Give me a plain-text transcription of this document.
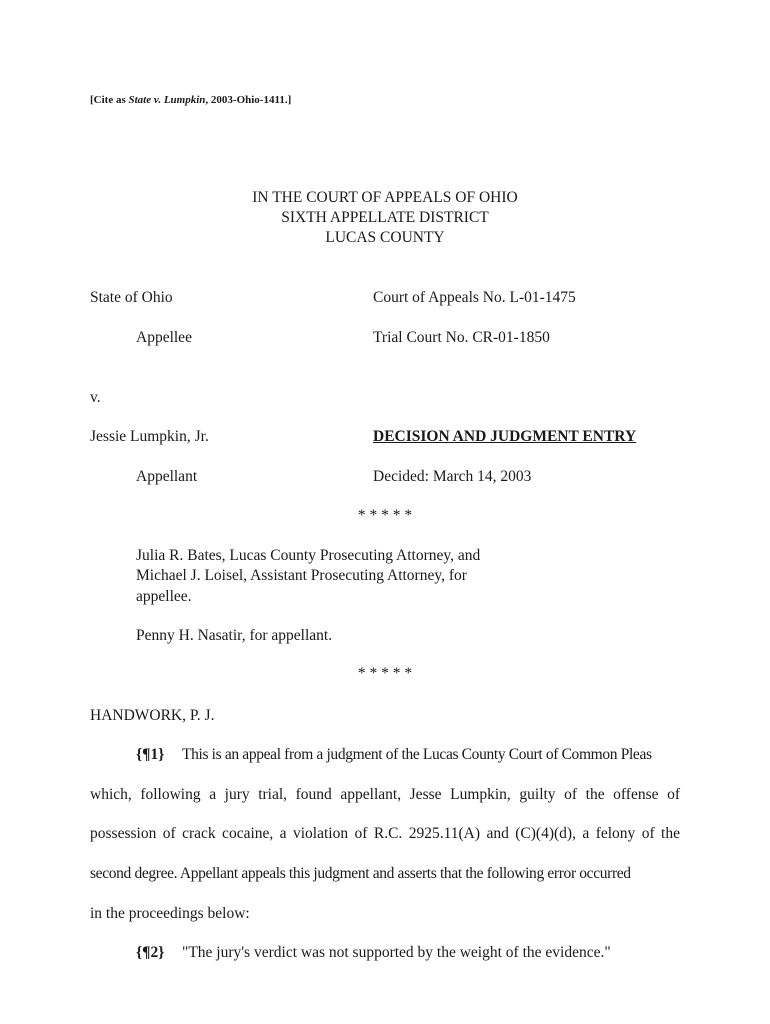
[Cite as State v. Lumpkin, 2003-Ohio-1411.]
IN THE COURT OF APPEALS OF OHIO
SIXTH APPELLATE DISTRICT
LUCAS COUNTY
State of Ohio	Court of Appeals No. L-01-1475
Appellee	Trial Court No. CR-01-1850
v.
Jessie Lumpkin, Jr.	DECISION AND JUDGMENT ENTRY
Appellant	Decided: March 14, 2003
* * * * *
Julia R. Bates, Lucas County Prosecuting Attorney, and
Michael J. Loisel, Assistant Prosecuting Attorney, for
appellee.
Penny H. Nasatir, for appellant.
* * * * *
HANDWORK, P. J.
{¶1} This is an appeal from a judgment of the Lucas County Court of Common Pleas
which, following a jury trial, found appellant, Jesse Lumpkin, guilty of the offense of
possession of crack cocaine, a violation of R.C. 2925.11(A) and (C)(4)(d), a felony of the
second degree. Appellant appeals this judgment and asserts that the following error occurred
in the proceedings below:
{¶2} "The jury's verdict was not supported by the weight of the evidence."
